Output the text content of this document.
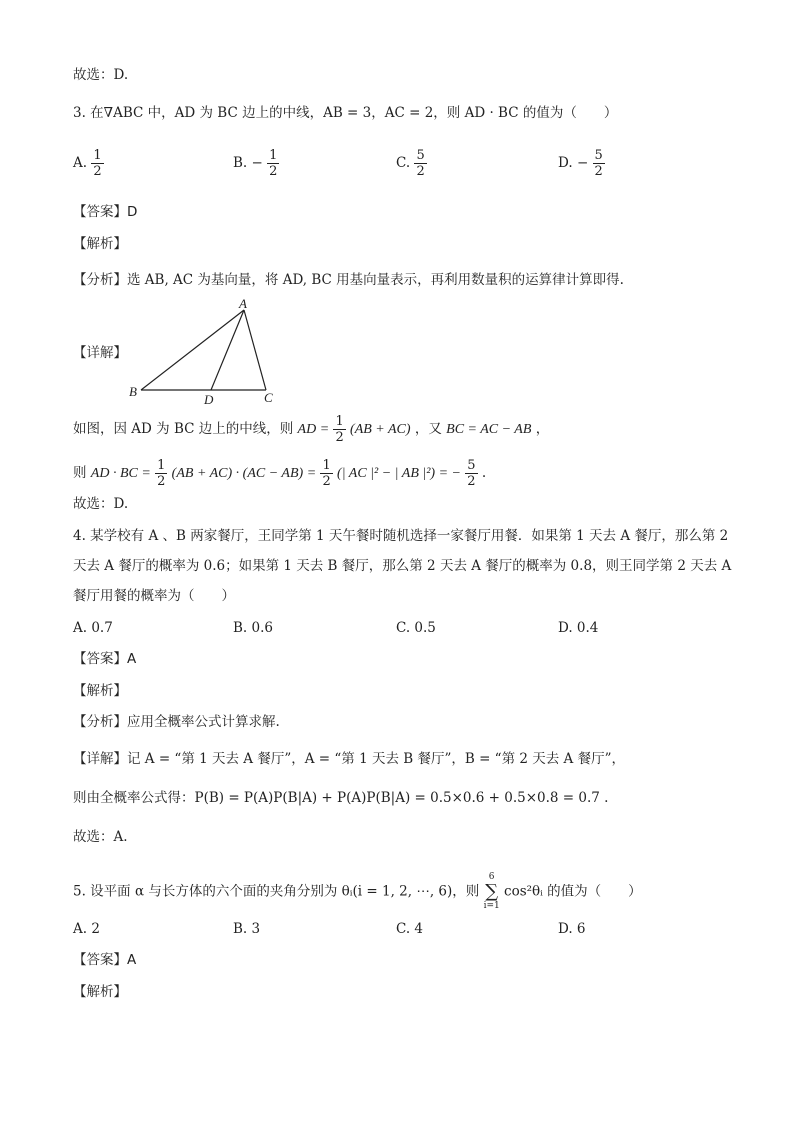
故选：D.
3. 在∇ABC 中，AD 为 BC 边上的中线，AB = 3，AC = 2，则 AD · BC 的值为（　　）
A. $\frac{1}{2}$	B. − $\frac{1}{2}$	C. $\frac{5}{2}$	D. − $\frac{5}{2}$
【答案】D
【解析】
【分析】选 AB, AC 为基向量，将 AD, BC 用基向量表示，再利用数量积的运算律计算即得.
【详解】
A
B
D	C
如图，因 AD 为 BC 边上的中线，则 AD = $\frac{1}{2} (AB + AC)$ ，又 BC = AC − AB ，
则 AD · BC = $\frac{1}{2} (AB + AC) \cdot (AC - AB) = \frac{1}{2}$ (| AC |² − | AB |²) = − $\frac{5}{2}$ .
故选：D.
4. 某学校有 A 、B 两家餐厅，王同学第 1 天午餐时随机选择一家餐厅用餐．如果第 1 天去 A 餐厅，那么第 2
天去 A 餐厅的概率为 0.6；如果第 1 天去 B 餐厅，那么第 2 天去 A 餐厅的概率为 0.8，则王同学第 2 天去 A
餐厅用餐的概率为（　　）
A. 0.7	B. 0.6	C. 0.5	D. 0.4
【答案】A
【解析】
【分析】应用全概率公式计算求解.
【详解】记 A = “第 1 天去 A 餐厅”，A = “第 1 天去 B 餐厅”，B = “第 2 天去 A 餐厅”，
则由全概率公式得：P(B) = P(A)P(B|A) + P(A)P(B|A) = 0.5×0.6 + 0.5×0.8 = 0.7 .
故选：A.
5. 设平面 α 与长方体的六个面的夹角分别为 θᵢ(i = 1, 2, ⋯, 6)，则
6
∑
i=1
cos²θᵢ 的值为（　　）
A. 2	B. 3	C. 4	D. 6
【答案】A
【解析】
